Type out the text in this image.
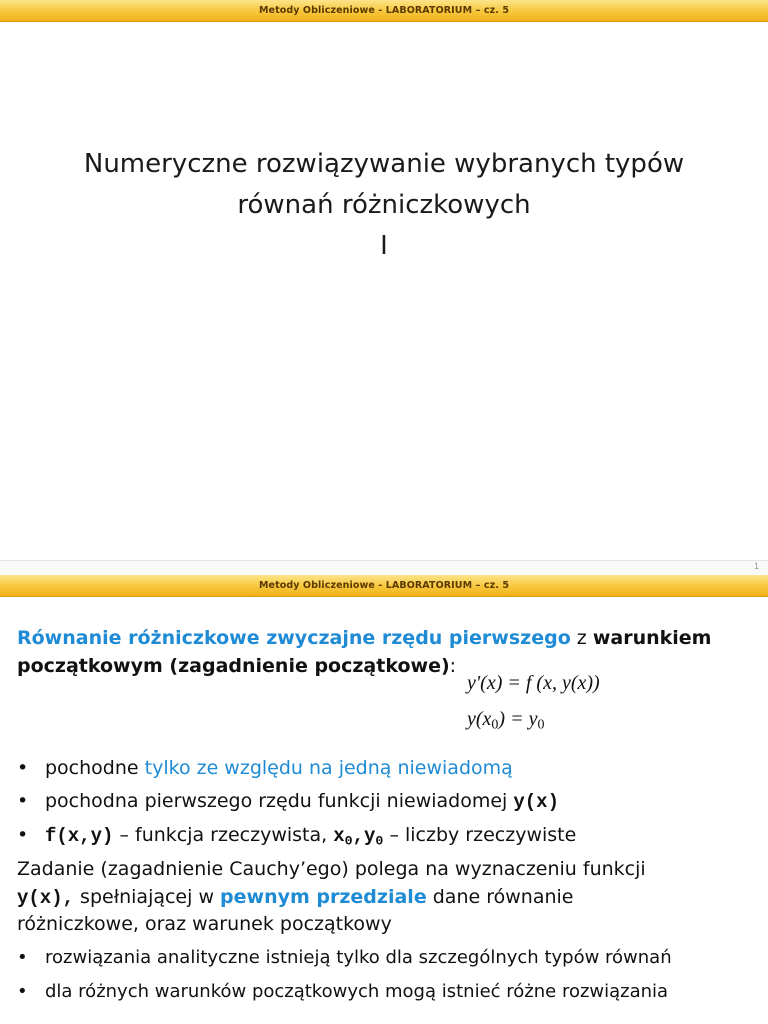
Metody Obliczeniowe - LABORATORIUM – cz. 5
Numeryczne rozwiązywanie wybranych typów
równań różniczkowych
I
Metody Obliczeniowe - LABORATORIUM – cz. 5
Równanie różniczkowe zwyczajne rzędu pierwszego z warunkiem
początkowym (zagadnienie początkowe):
y'(x) = f (x, y(x))
$y(x_0) = y_0$
• pochodne tylko ze względu na jedną niewiadomą
• pochodna pierwszego rzędu funkcji niewiadomej y(x)
• f(x,y) – funkcja rzeczywista, $x_0,y_0$ – liczby rzeczywiste
Zadanie (zagadnienie Cauchy’ego) polega na wyznaczeniu funkcji
y(x), spełniającej w pewnym przedziale dane równanie
różniczkowe, oraz warunek początkowy
• rozwiązania analityczne istnieją tylko dla szczególnych typów równań
• dla różnych warunków początkowych mogą istnieć różne rozwiązania
1
